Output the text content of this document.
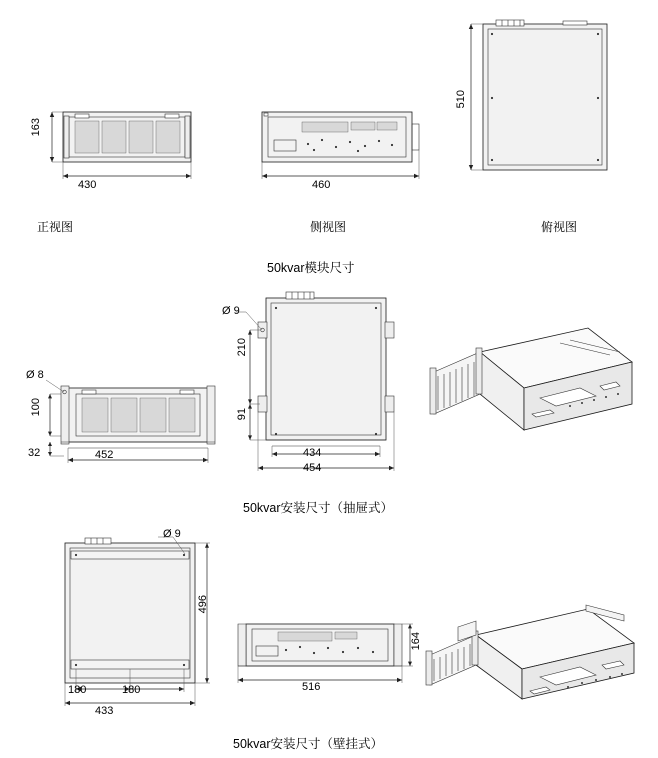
163
430
正视图
460
侧视图
510
俯视图
50kvar模块尺寸
Ø 8
100
32	452
Ø 9
210
91
434
454
50kvar安装尺寸（抽屉式）
Ø 9
496
180	180
433
164
516
50kvar安装尺寸（壁挂式）
